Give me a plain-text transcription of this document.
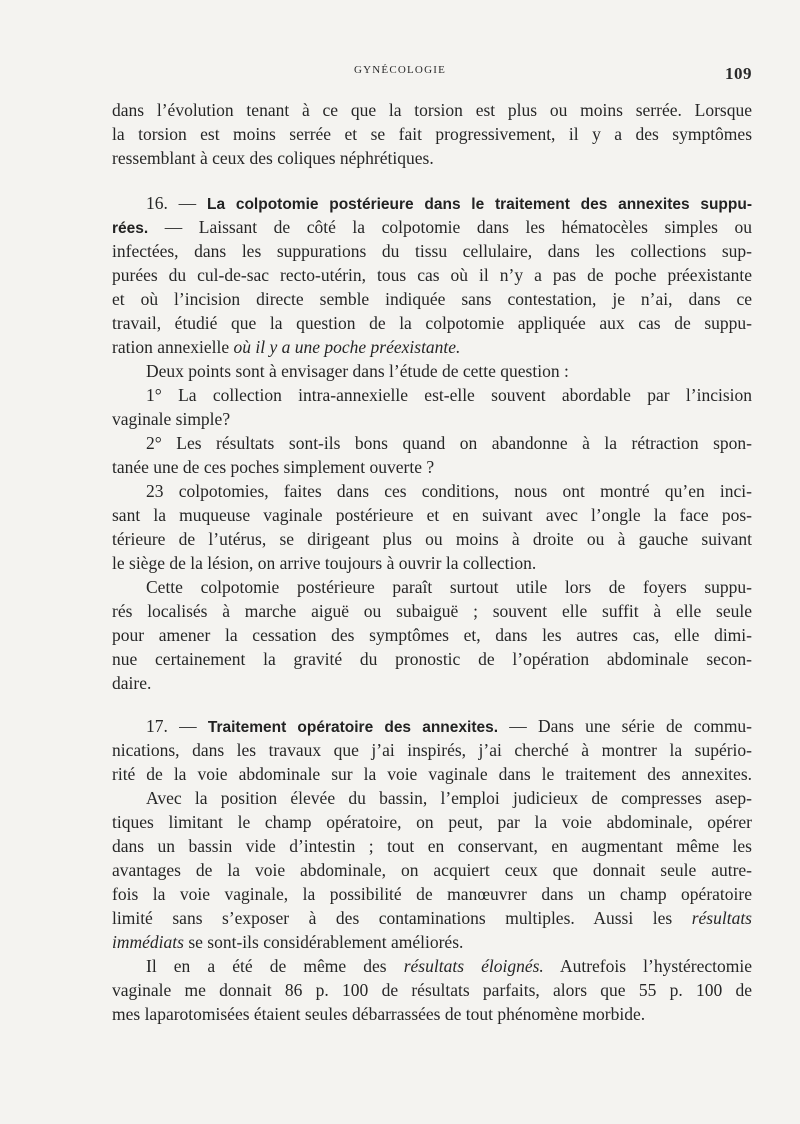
GYNÉCOLOGIE	109
dans l’évolution tenant à ce que la torsion est plus ou moins serrée. Lorsque
la torsion est moins serrée et se fait progressivement, il y a des symptômes
ressemblant à ceux des coliques néphrétiques.
16. — La colpotomie postérieure dans le traitement des annexites suppu-
rées. — Laissant de côté la colpotomie dans les hématocèles simples ou
infectées, dans les suppurations du tissu cellulaire, dans les collections sup-
purées du cul-de-sac recto-utérin, tous cas où il n’y a pas de poche préexistante
et où l’incision directe semble indiquée sans contestation, je n’ai, dans ce
travail, étudié que la question de la colpotomie appliquée aux cas de suppu-
ration annexielle où il y a une poche préexistante.
Deux points sont à envisager dans l’étude de cette question :
1° La collection intra-annexielle est-elle souvent abordable par l’incision
vaginale simple?
2° Les résultats sont-ils bons quand on abandonne à la rétraction spon-
tanée une de ces poches simplement ouverte ?
23 colpotomies, faites dans ces conditions, nous ont montré qu’en inci-
sant la muqueuse vaginale postérieure et en suivant avec l’ongle la face pos-
térieure de l’utérus, se dirigeant plus ou moins à droite ou à gauche suivant
le siège de la lésion, on arrive toujours à ouvrir la collection.
Cette colpotomie postérieure paraît surtout utile lors de foyers suppu-
rés localisés à marche aiguë ou subaiguë ; souvent elle suffit à elle seule
pour amener la cessation des symptômes et, dans les autres cas, elle dimi-
nue certainement la gravité du pronostic de l’opération abdominale secon-
daire.
17. — Traitement opératoire des annexites. — Dans une série de commu-
nications, dans les travaux que j’ai inspirés, j’ai cherché à montrer la supério-
rité de la voie abdominale sur la voie vaginale dans le traitement des annexites.
Avec la position élevée du bassin, l’emploi judicieux de compresses asep-
tiques limitant le champ opératoire, on peut, par la voie abdominale, opérer
dans un bassin vide d’intestin ; tout en conservant, en augmentant même les
avantages de la voie abdominale, on acquiert ceux que donnait seule autre-
fois la voie vaginale, la possibilité de manœuvrer dans un champ opératoire
limité sans s’exposer à des contaminations multiples. Aussi les résultats
immédiats se sont-ils considérablement améliorés.
Il en a été de même des résultats éloignés. Autrefois l’hystérectomie
vaginale me donnait 86 p. 100 de résultats parfaits, alors que 55 p. 100 de
mes laparotomisées étaient seules débarrassées de tout phénomène morbide.
